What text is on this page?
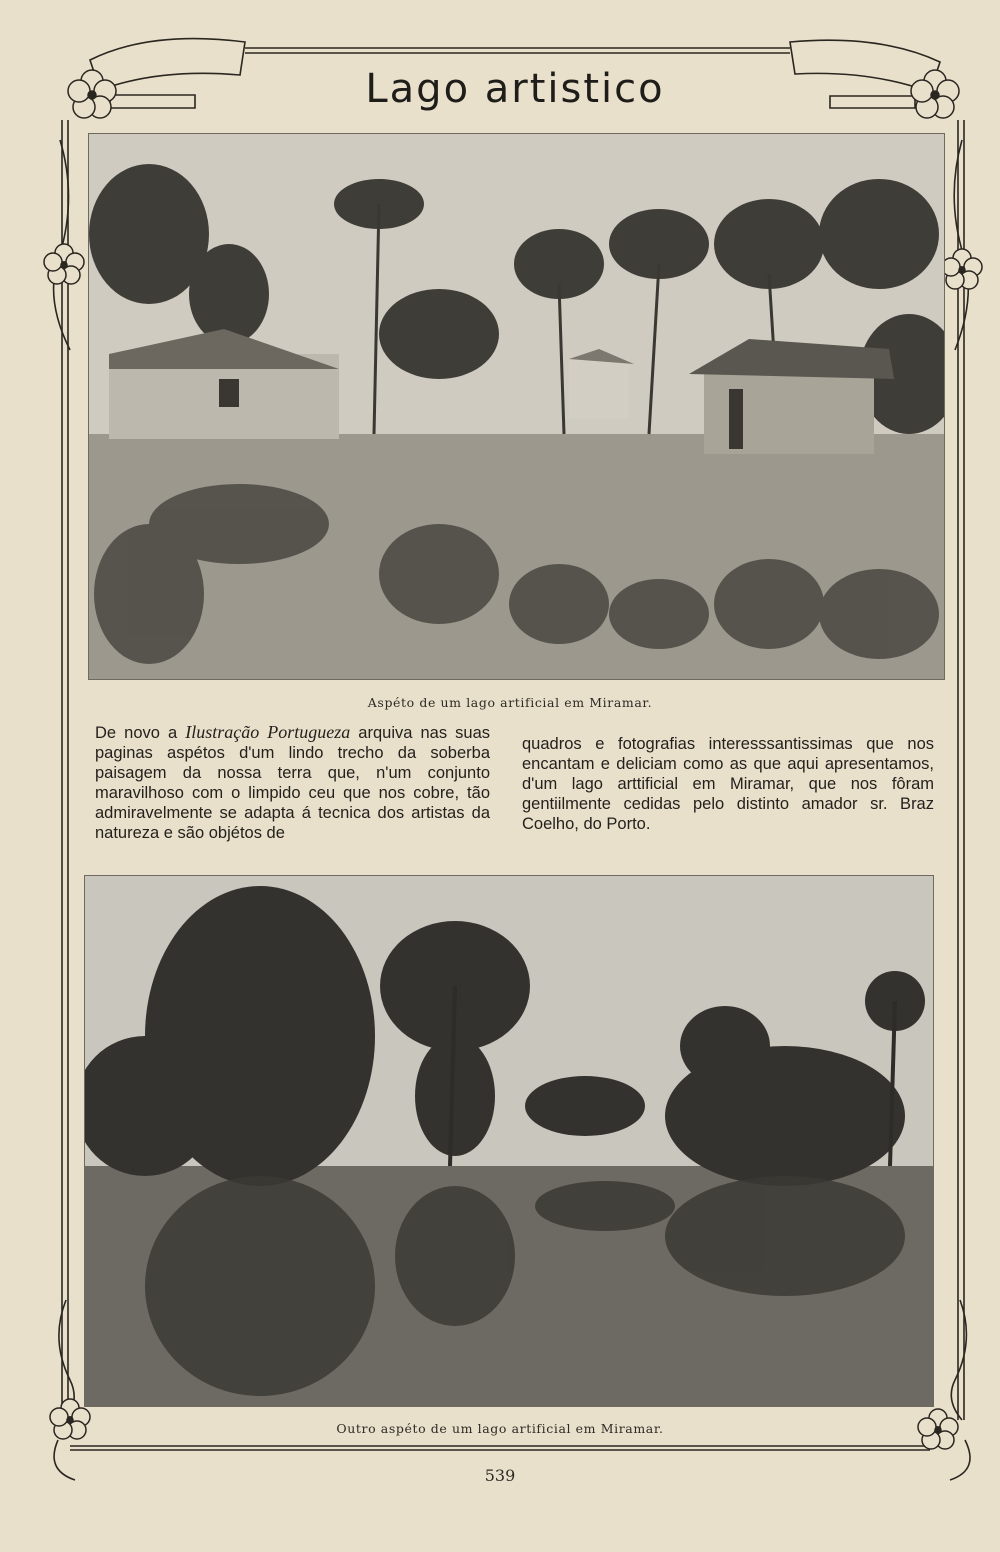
Lago artistico
Aspéto de um lago artificial em Miramar.
De novo a Ilustração Portugueza arquiva nas suas paginas aspétos d'um lindo trecho da soberba paisagem da nossa terra que, n'um conjunto maravilhoso com o limpido ceu que nos cobre, tão admiravelmente se adapta á tecnica dos artistas da natureza e são objétos de
quadros e fotografias interesssantissimas que nos encantam e deliciam como as que aqui apresentamos, d'um lago arttificial em Miramar, que nos fôram gentiilmente cedidas pelo distinto amador sr. Braz Coelho, do Porto.
Outro aspéto de um lago artificial em Miramar.
539
